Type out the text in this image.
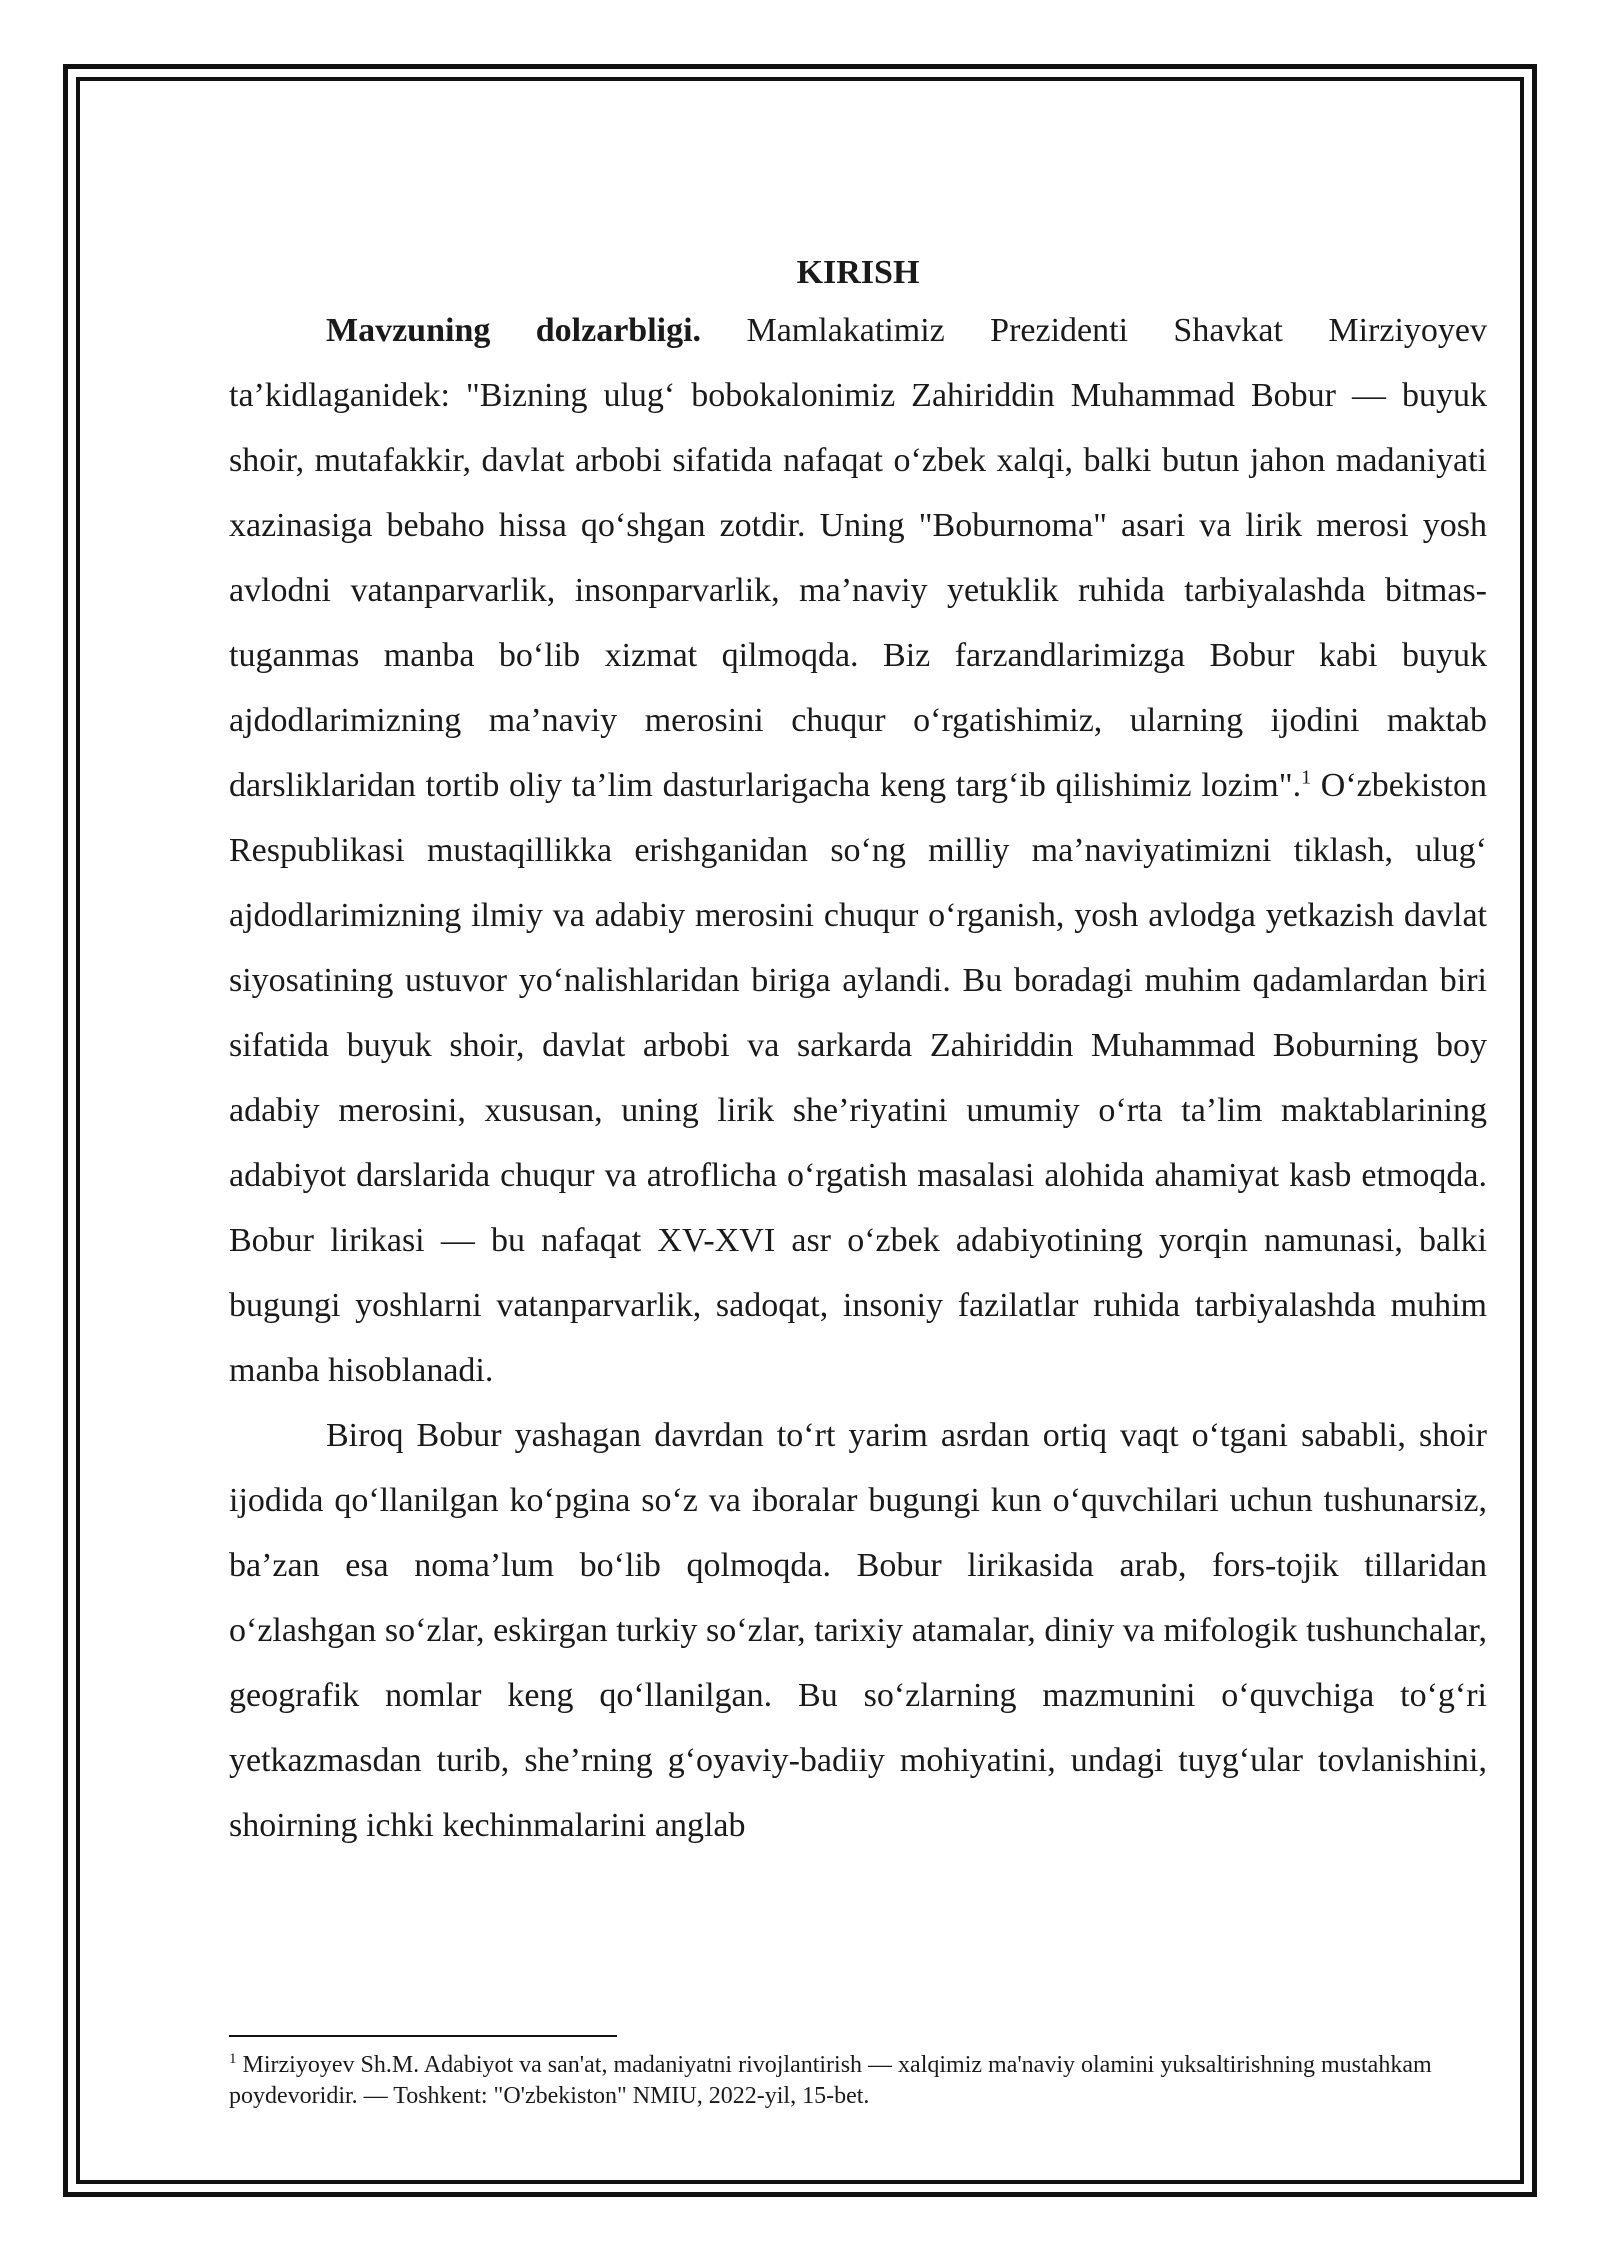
KIRISH

Mavzuning dolzarbligi. Mamlakatimiz Prezidenti Shavkat Mirziyoyev ta’kidlaganidek: "Bizning ulug‘ bobokalonimiz Zahiriddin Muhammad Bobur — buyuk shoir, mutafakkir, davlat arbobi sifatida nafaqat o‘zbek xalqi, balki butun jahon madaniyati xazinasiga bebaho hissa qo‘shgan zotdir. Uning "Boburnoma" asari va lirik merosi yosh avlodni vatanparvarlik, insonparvarlik, ma’naviy yetuklik ruhida tarbiyalashda bitmas-tuganmas manba bo‘lib xizmat qilmoqda. Biz farzandlarimizga Bobur kabi buyuk ajdodlarimizning ma’naviy merosini chuqur o‘rgatishimiz, ularning ijodini maktab darsliklaridan tortib oliy ta’lim dasturlarigacha keng targ‘ib qilishimiz lozim".$^1$ O‘zbekiston Respublikasi mustaqillikka erishganidan so‘ng milliy ma’naviyatimizni tiklash, ulug‘ ajdodlarimizning ilmiy va adabiy merosini chuqur o‘rganish, yosh avlodga yetkazish davlat siyosatining ustuvor yo‘nalishlaridan biriga aylandi. Bu boradagi muhim qadamlardan biri sifatida buyuk shoir, davlat arbobi va sarkarda Zahiriddin Muhammad Boburning boy adabiy merosini, xususan, uning lirik she’riyatini umumiy o‘rta ta’lim maktablarining adabiyot darslarida chuqur va atroflicha o‘rgatish masalasi alohida ahamiyat kasb etmoqda. Bobur lirikasi — bu nafaqat XV-XVI asr o‘zbek adabiyotining yorqin namunasi, balki bugungi yoshlarni vatanparvarlik, sadoqat, insoniy fazilatlar ruhida tarbiyalashda muhim manba hisoblanadi.

Biroq Bobur yashagan davrdan to‘rt yarim asrdan ortiq vaqt o‘tgani sababli, shoir ijodida qo‘llanilgan ko‘pgina so‘z va iboralar bugungi kun o‘quvchilari uchun tushunarsiz, ba’zan esa noma’lum bo‘lib qolmoqda. Bobur lirikasida arab, fors-tojik tillaridan o‘zlashgan so‘zlar, eskirgan turkiy so‘zlar, tarixiy atamalar, diniy va mifologik tushunchalar, geografik nomlar keng qo‘llanilgan. Bu so‘zlarning mazmunini o‘quvchiga to‘g‘ri yetkazmasdan turib, she’rning g‘oyaviy-badiiy mohiyatini, undagi tuyg‘ular tovlanishini, shoirning ichki kechinmalarini anglab

$^1$ Mirziyoyev Sh.M. Adabiyot va san'at, madaniyatni rivojlantirish — xalqimiz ma'naviy olamini yuksaltirishning mustahkam poydevoridir. — Toshkent: "O'zbekiston" NMIU, 2022-yil, 15-bet.
